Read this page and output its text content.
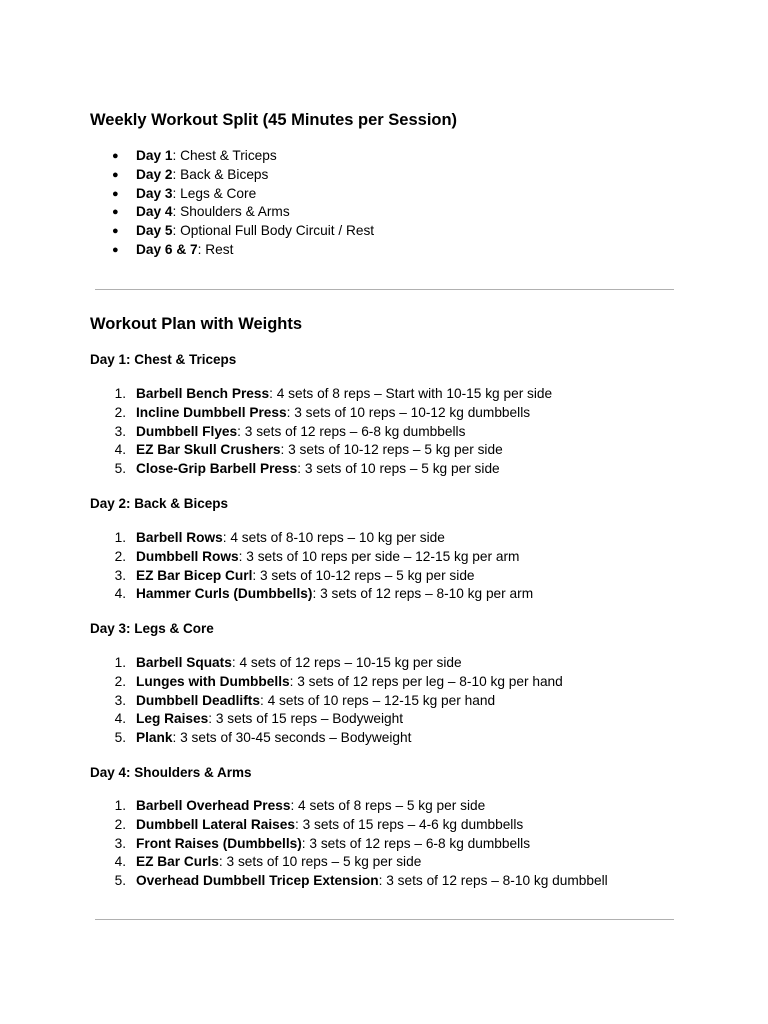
Weekly Workout Split (45 Minutes per Session)
●	Day 1: Chest & Triceps
●	Day 2: Back & Biceps
●	Day 3: Legs & Core
●	Day 4: Shoulders & Arms
●	Day 5: Optional Full Body Circuit / Rest
●	Day 6 & 7: Rest
Workout Plan with Weights
Day 1: Chest & Triceps
1. Barbell Bench Press: 4 sets of 8 reps – Start with 10-15 kg per side
2. Incline Dumbbell Press: 3 sets of 10 reps – 10-12 kg dumbbells
3. Dumbbell Flyes: 3 sets of 12 reps – 6-8 kg dumbbells
4. EZ Bar Skull Crushers: 3 sets of 10-12 reps – 5 kg per side
5. Close-Grip Barbell Press: 3 sets of 10 reps – 5 kg per side
Day 2: Back & Biceps
1. Barbell Rows: 4 sets of 8-10 reps – 10 kg per side
2. Dumbbell Rows: 3 sets of 10 reps per side – 12-15 kg per arm
3. EZ Bar Bicep Curl: 3 sets of 10-12 reps – 5 kg per side
4. Hammer Curls (Dumbbells): 3 sets of 12 reps – 8-10 kg per arm
Day 3: Legs & Core
1. Barbell Squats: 4 sets of 12 reps – 10-15 kg per side
2. Lunges with Dumbbells: 3 sets of 12 reps per leg – 8-10 kg per hand
3. Dumbbell Deadlifts: 4 sets of 10 reps – 12-15 kg per hand
4. Leg Raises: 3 sets of 15 reps – Bodyweight
5. Plank: 3 sets of 30-45 seconds – Bodyweight
Day 4: Shoulders & Arms
1. Barbell Overhead Press: 4 sets of 8 reps – 5 kg per side
2. Dumbbell Lateral Raises: 3 sets of 15 reps – 4-6 kg dumbbells
3. Front Raises (Dumbbells): 3 sets of 12 reps – 6-8 kg dumbbells
4. EZ Bar Curls: 3 sets of 10 reps – 5 kg per side
5. Overhead Dumbbell Tricep Extension: 3 sets of 12 reps – 8-10 kg dumbbell
